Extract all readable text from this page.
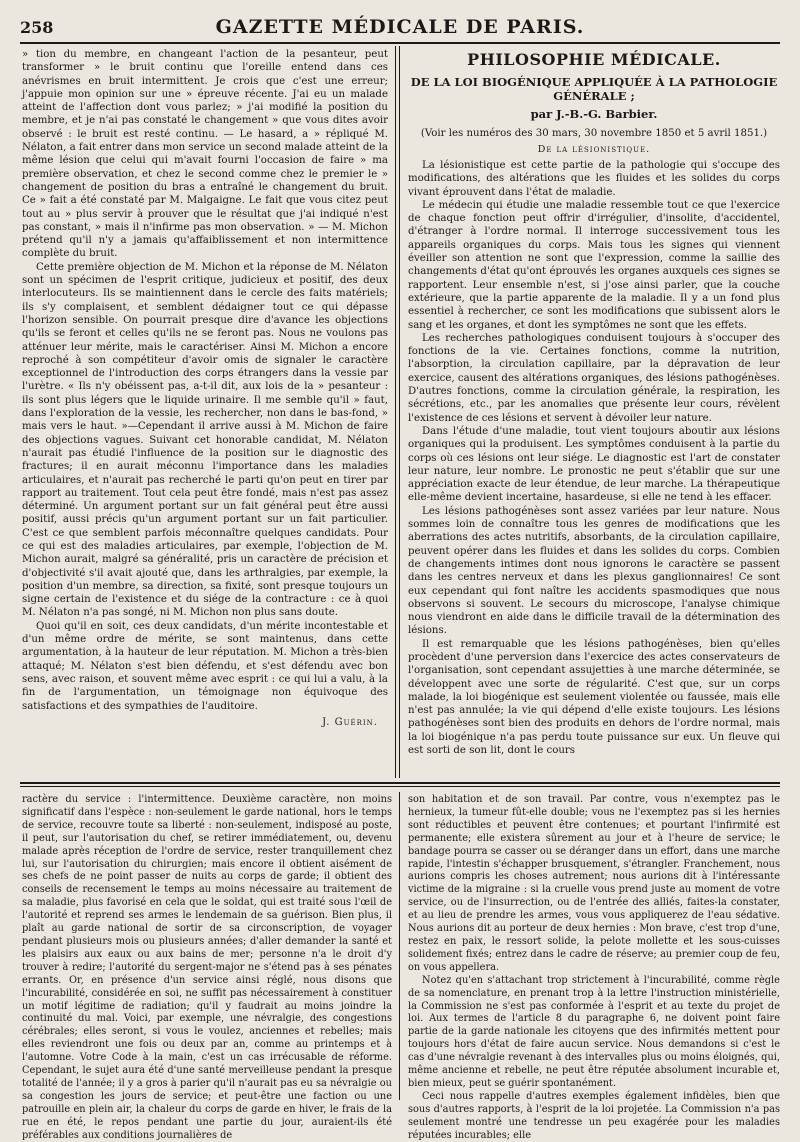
258	GAZETTE MÉDICALE DE PARIS.

» tion du membre, en changeant l'action de la pesanteur, peut transformer » le bruit continu que l'oreille entend dans ces anévrismes en bruit intermittent. Je crois que c'est une erreur; j'appuie mon opinion sur une » épreuve récente. J'ai eu un malade atteint de l'affection dont vous parlez; » j'ai modifié la position du membre, et je n'ai pas constaté le changement » que vous dites avoir observé : le bruit est resté continu. — Le hasard, a » répliqué M. Nélaton, a fait entrer dans mon service un second malade atteint de la même lésion que celui qui m'avait fourni l'occasion de faire » ma première observation, et chez le second comme chez le premier le » changement de position du bras a entraîné le changement du bruit. Ce » fait a été constaté par M. Malgaigne. Le fait que vous citez peut tout au » plus servir à prouver que le résultat que j'ai indiqué n'est pas constant, » mais il n'infirme pas mon observation. » — M. Michon prétend qu'il n'y a jamais qu'affaiblissement et non intermittence complète du bruit.

Cette première objection de M. Michon et la réponse de M. Nélaton sont un spécimen de l'esprit critique, judicieux et positif, des deux interlocuteurs. Ils se maintiennent dans le cercle des faits matériels; ils s'y complaisent, et semblent dédaigner tout ce qui dépasse l'horizon sensible. On pourrait presque dire d'avance les objections qu'ils se feront et celles qu'ils ne se feront pas. Nous ne voulons pas atténuer leur mérite, mais le caractériser. Ainsi M. Michon a encore reproché à son compétiteur d'avoir omis de signaler le caractère exceptionnel de l'introduction des corps étrangers dans la vessie par l'urètre. « Ils n'y obéissent pas, a-t-il dit, aux lois de la » pesanteur : ils sont plus légers que le liquide urinaire. Il me semble qu'il » faut, dans l'exploration de la vessie, les rechercher, non dans le bas-fond, » mais vers le haut. »—Cependant il arrive aussi à M. Michon de faire des objections vagues. Suivant cet honorable candidat, M. Nélaton n'aurait pas étudié l'influence de la position sur le diagnostic des fractures; il en aurait méconnu l'importance dans les maladies articulaires, et n'aurait pas recherché le parti qu'on peut en tirer par rapport au traitement. Tout cela peut être fondé, mais n'est pas assez déterminé. Un argument portant sur un fait général peut être aussi positif, aussi précis qu'un argument portant sur un fait particulier. C'est ce que semblent parfois méconnaître quelques candidats. Pour ce qui est des maladies articulaires, par exemple, l'objection de M. Michon aurait, malgré sa généralité, pris un caractère de précision et d'objectivité s'il avait ajouté que, dans les arthralgies, par exemple, la position d'un membre, sa direction, sa fixité, sont presque toujours un signe certain de l'existence et du siége de la contracture : ce à quoi M. Nélaton n'a pas songé, ni M. Michon non plus sans doute.

Quoi qu'il en soit, ces deux candidats, d'un mérite incontestable et d'un même ordre de mérite, se sont maintenus, dans cette argumentation, à la hauteur de leur réputation. M. Michon a très-bien attaqué; M. Nélaton s'est bien défendu, et s'est défendu avec bon sens, avec raison, et souvent même avec esprit : ce qui lui a valu, à la fin de l'argumentation, un témoignage non équivoque des satisfactions et des sympathies de l'auditoire.

J. Guérin.
PHILOSOPHIE MÉDICALE.
DE LA LOI BIOGÉNIQUE APPLIQUÉE À LA PATHOLOGIE GÉNÉRALE ;
par J.-B.-G. Barbier.
(Voir les numéros des 30 mars, 30 novembre 1850 et 5 avril 1851.)
De la lésionistique.

La lésionistique est cette partie de la pathologie qui s'occupe des modifications, des altérations que les fluides et les solides du corps vivant éprouvent dans l'état de maladie.

Le médecin qui étudie une maladie ressemble tout ce que l'exercice de chaque fonction peut offrir d'irrégulier, d'insolite, d'accidentel, d'étranger à l'ordre normal. Il interroge successivement tous les appareils organiques du corps. Mais tous les signes qui viennent éveiller son attention ne sont que l'expression, comme la saillie des changements d'état qu'ont éprouvés les organes auxquels ces signes se rapportent. Leur ensemble n'est, si j'ose ainsi parler, que la couche extérieure, que la partie apparente de la maladie. Il y a un fond plus essentiel à rechercher, ce sont les modifications que subissent alors le sang et les organes, et dont les symptômes ne sont que les effets.

Les recherches pathologiques conduisent toujours à s'occuper des fonctions de la vie. Certaines fonctions, comme la nutrition, l'absorption, la circulation capillaire, par la dépravation de leur exercice, causent des altérations organiques, des lésions pathogénèses. D'autres fonctions, comme la circulation générale, la respiration, les sécrétions, etc., par les anomalies que présente leur cours, révèlent l'existence de ces lésions et servent à dévoiler leur nature.

Dans l'étude d'une maladie, tout vient toujours aboutir aux lésions organiques qui la produisent. Les symptômes conduisent à la partie du corps où ces lésions ont leur siége. Le diagnostic est l'art de constater leur nature, leur nombre. Le pronostic ne peut s'établir que sur une appréciation exacte de leur étendue, de leur marche. La thérapeutique elle-même devient incertaine, hasardeuse, si elle ne tend à les effacer.

Les lésions pathogénèses sont assez variées par leur nature. Nous sommes loin de connaître tous les genres de modifications que les aberrations des actes nutritifs, absorbants, de la circulation capillaire, peuvent opérer dans les fluides et dans les solides du corps. Combien de changements intimes dont nous ignorons le caractère se passent dans les centres nerveux et dans les plexus ganglionnaires! Ce sont eux cependant qui font naître les accidents spasmodiques que nous observons si souvent. Le secours du microscope, l'analyse chimique nous viendront en aide dans le difficile travail de la détermination des lésions.

Il est remarquable que les lésions pathogénèses, bien qu'elles procèdent d'une perversion dans l'exercice des actes conservateurs de l'organisation, sont cependant assujetties à une marche déterminée, se développent avec une sorte de régularité. C'est que, sur un corps malade, la loi biogénique est seulement violentée ou faussée, mais elle n'est pas annulée; la vie qui dépend d'elle existe toujours. Les lésions pathogénèses sont bien des produits en dehors de l'ordre normal, mais la loi biogénique n'a pas perdu toute puissance sur eux. Un fleuve qui est sorti de son lit, dont le cours

ractère du service : l'intermittence. Deuxième caractère, non moins significatif dans l'espèce : non-seulement le garde national, hors le temps de service, recouvre toute sa liberté : non-seulement, indisposé au poste, il peut, sur l'autorisation du chef, se retirer immédiatement, ou, devenu malade après réception de l'ordre de service, rester tranquillement chez lui, sur l'autorisation du chirurgien; mais encore il obtient aisément de ses chefs de ne point passer de nuits au corps de garde; il obtient des conseils de recensement le temps au moins nécessaire au traitement de sa maladie, plus favorisé en cela que le soldat, qui est traité sous l'œil de l'autorité et reprend ses armes le lendemain de sa guérison. Bien plus, il plaît au garde national de sortir de sa circonscription, de voyager pendant plusieurs mois ou plusieurs années; d'aller demander la santé et les plaisirs aux eaux ou aux bains de mer; personne n'a le droit d'y trouver à redire; l'autorité du sergent-major ne s'étend pas à ses pénates errants. Or, en présence d'un service ainsi réglé, nous disons que l'incurabilité, considérée en soi, ne suffit pas nécessairement à constituer un motif légitime de radiation; qu'il y faudrait au moins joindre la continuité du mal. Voici, par exemple, une névralgie, des congestions cérébrales; elles seront, si vous le voulez, anciennes et rebelles; mais elles reviendront une fois ou deux par an, comme au printemps et à l'automne. Votre Code à la main, c'est un cas irrécusable de réforme. Cependant, le sujet aura été d'une santé merveilleuse pendant la presque totalité de l'année; il y a gros à parier qu'il n'aurait pas eu sa névralgie ou sa congestion les jours de service; et peut-être une faction ou une patrouille en plein air, la chaleur du corps de garde en hiver, le frais de la rue en été, le repos pendant une partie du jour, auraient-ils été préférables aux conditions journalières de

son habitation et de son travail. Par contre, vous n'exemptez pas le hernieux, la tumeur fût-elle double; vous ne l'exemptez pas si les hernies sont réductibles et peuvent être contenues; et pourtant l'infirmité est permanente; elle existera sûrement au jour et à l'heure de service; le bandage pourra se casser ou se déranger dans un effort, dans une marche rapide, l'intestin s'échapper brusquement, s'étrangler. Franchement, nous aurions compris les choses autrement; nous aurions dit à l'intéressante victime de la migraine : si la cruelle vous prend juste au moment de votre service, ou de l'insurrection, ou de l'entrée des alliés, faites-la constater, et au lieu de prendre les armes, vous vous appliquerez de l'eau sédative. Nous aurions dit au porteur de deux hernies : Mon brave, c'est trop d'une, restez en paix, le ressort solide, la pelote mollette et les sous-cuisses solidement fixés; entrez dans le cadre de réserve; au premier coup de feu, on vous appellera.

Notez qu'en s'attachant trop strictement à l'incurabilité, comme règle de sa nomenclature, en prenant trop à la lettre l'instruction ministérielle, la Commission ne s'est pas conformée à l'esprit et au texte du projet de loi. Aux termes de l'article 8 du paragraphe 6, ne doivent point faire partie de la garde nationale les citoyens que des infirmités mettent pour toujours hors d'état de faire aucun service. Nous demandons si c'est le cas d'une névralgie revenant à des intervalles plus ou moins éloignés, qui, même ancienne et rebelle, ne peut être réputée absolument incurable et, bien mieux, peut se guérir spontanément.

Ceci nous rappelle d'autres exemples également infidèles, bien que sous d'autres rapports, à l'esprit de la loi projetée. La Commission n'a pas seulement montré une tendresse un peu exagérée pour les maladies réputées incurables; elle
